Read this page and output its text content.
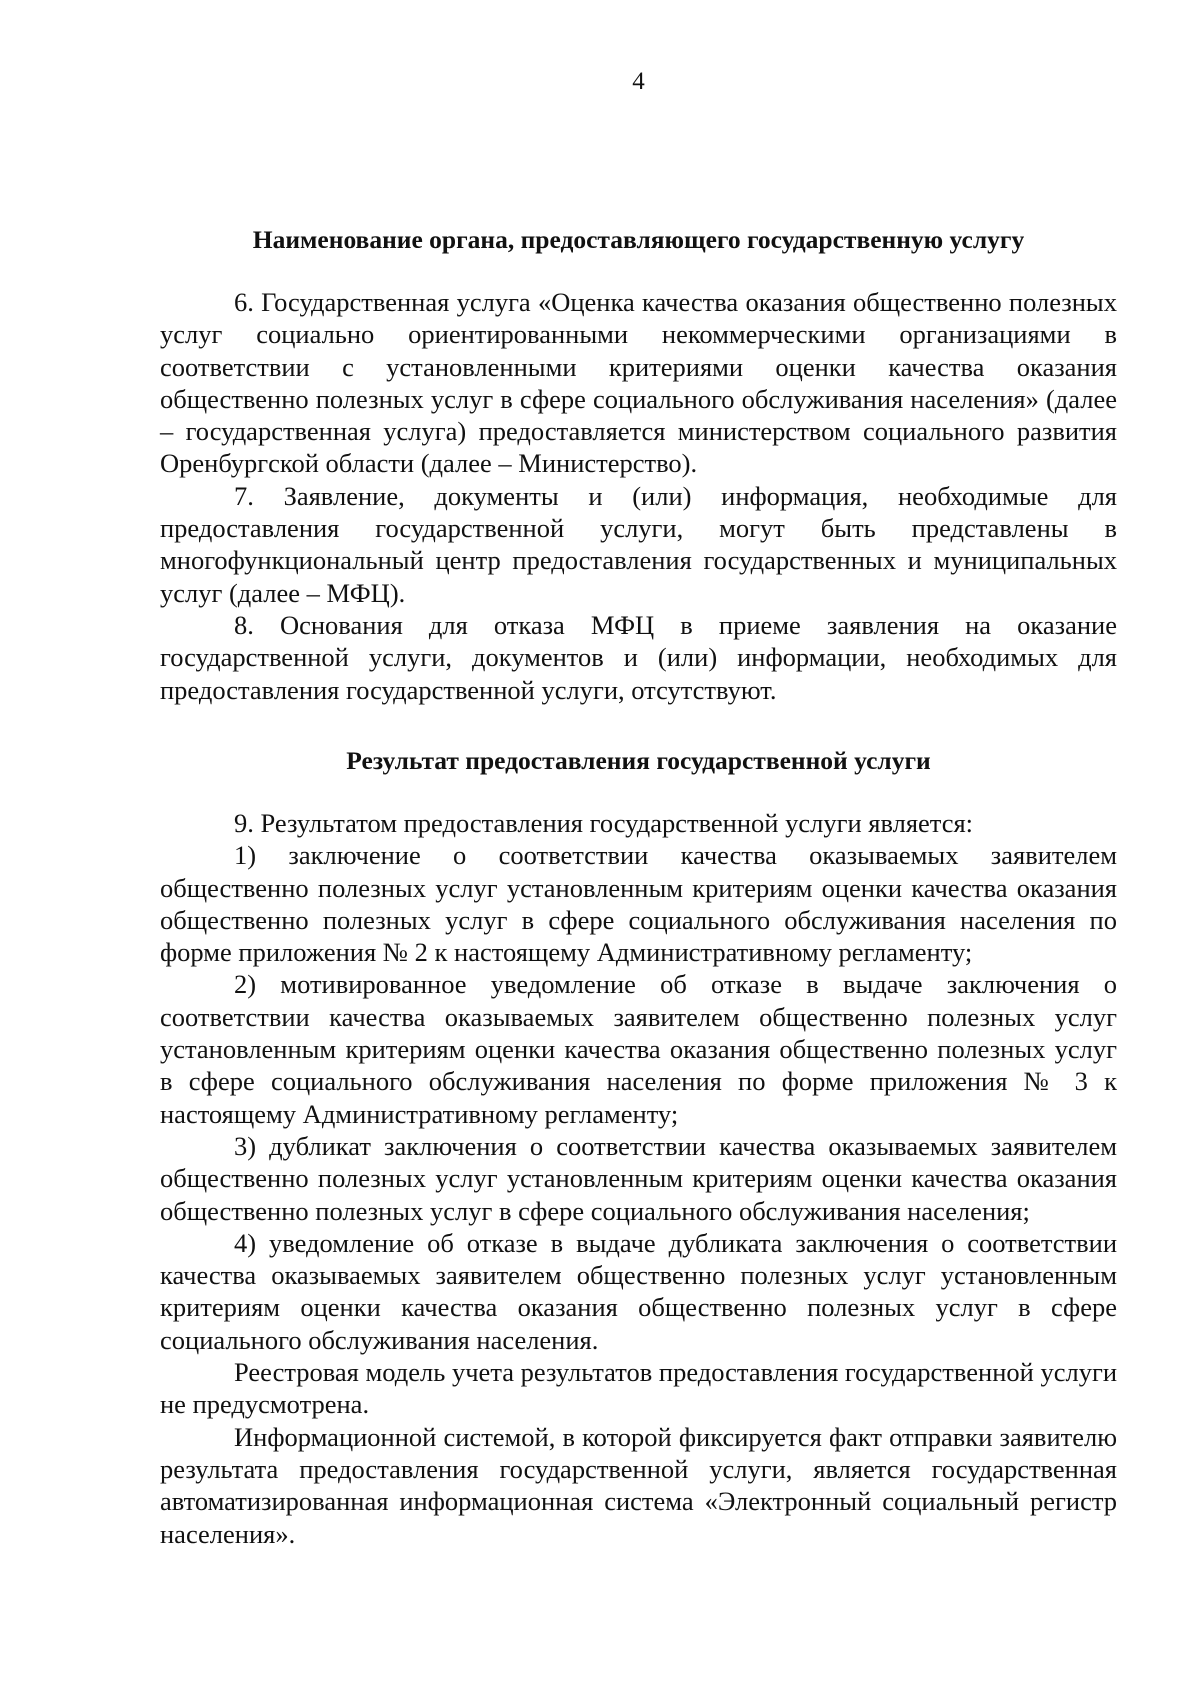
4
Наименование органа, предоставляющего государственную услугу

6. Государственная услуга «Оценка качества оказания общественно полезных услуг социально ориентированными некоммерческими организациями в соответствии с установленными критериями оценки качества оказания общественно полезных услуг в сфере социального обслуживания населения» (далее – государственная услуга) предоставляется министерством социального развития Оренбургской области (далее – Министерство).

7. Заявление, документы и (или) информация, необходимые для предоставления государственной услуги, могут быть представлены в многофункциональный центр предоставления государственных и муниципальных услуг (далее – МФЦ).

8. Основания для отказа МФЦ в приеме заявления на оказание государственной услуги, документов и (или) информации, необходимых для предоставления государственной услуги, отсутствуют.

Результат предоставления государственной услуги

9. Результатом предоставления государственной услуги является:

1) заключение о соответствии качества оказываемых заявителем общественно полезных услуг установленным критериям оценки качества оказания общественно полезных услуг в сфере социального обслуживания населения по форме приложения № 2 к настоящему Административному регламенту;

2) мотивированное уведомление об отказе в выдаче заключения о соответствии качества оказываемых заявителем общественно полезных услуг установленным критериям оценки качества оказания общественно полезных услуг в сфере социального обслуживания населения по форме приложения № 3 к настоящему Административному регламенту;

3) дубликат заключения о соответствии качества оказываемых заявителем общественно полезных услуг установленным критериям оценки качества оказания общественно полезных услуг в сфере социального обслуживания населения;

4) уведомление об отказе в выдаче дубликата заключения о соответствии качества оказываемых заявителем общественно полезных услуг установленным критериям оценки качества оказания общественно полезных услуг в сфере социального обслуживания населения.

Реестровая модель учета результатов предоставления государственной услуги не предусмотрена.

Информационной системой, в которой фиксируется факт отправки заявителю результата предоставления государственной услуги, является государственная автоматизированная информационная система «Электронный социальный регистр населения».
